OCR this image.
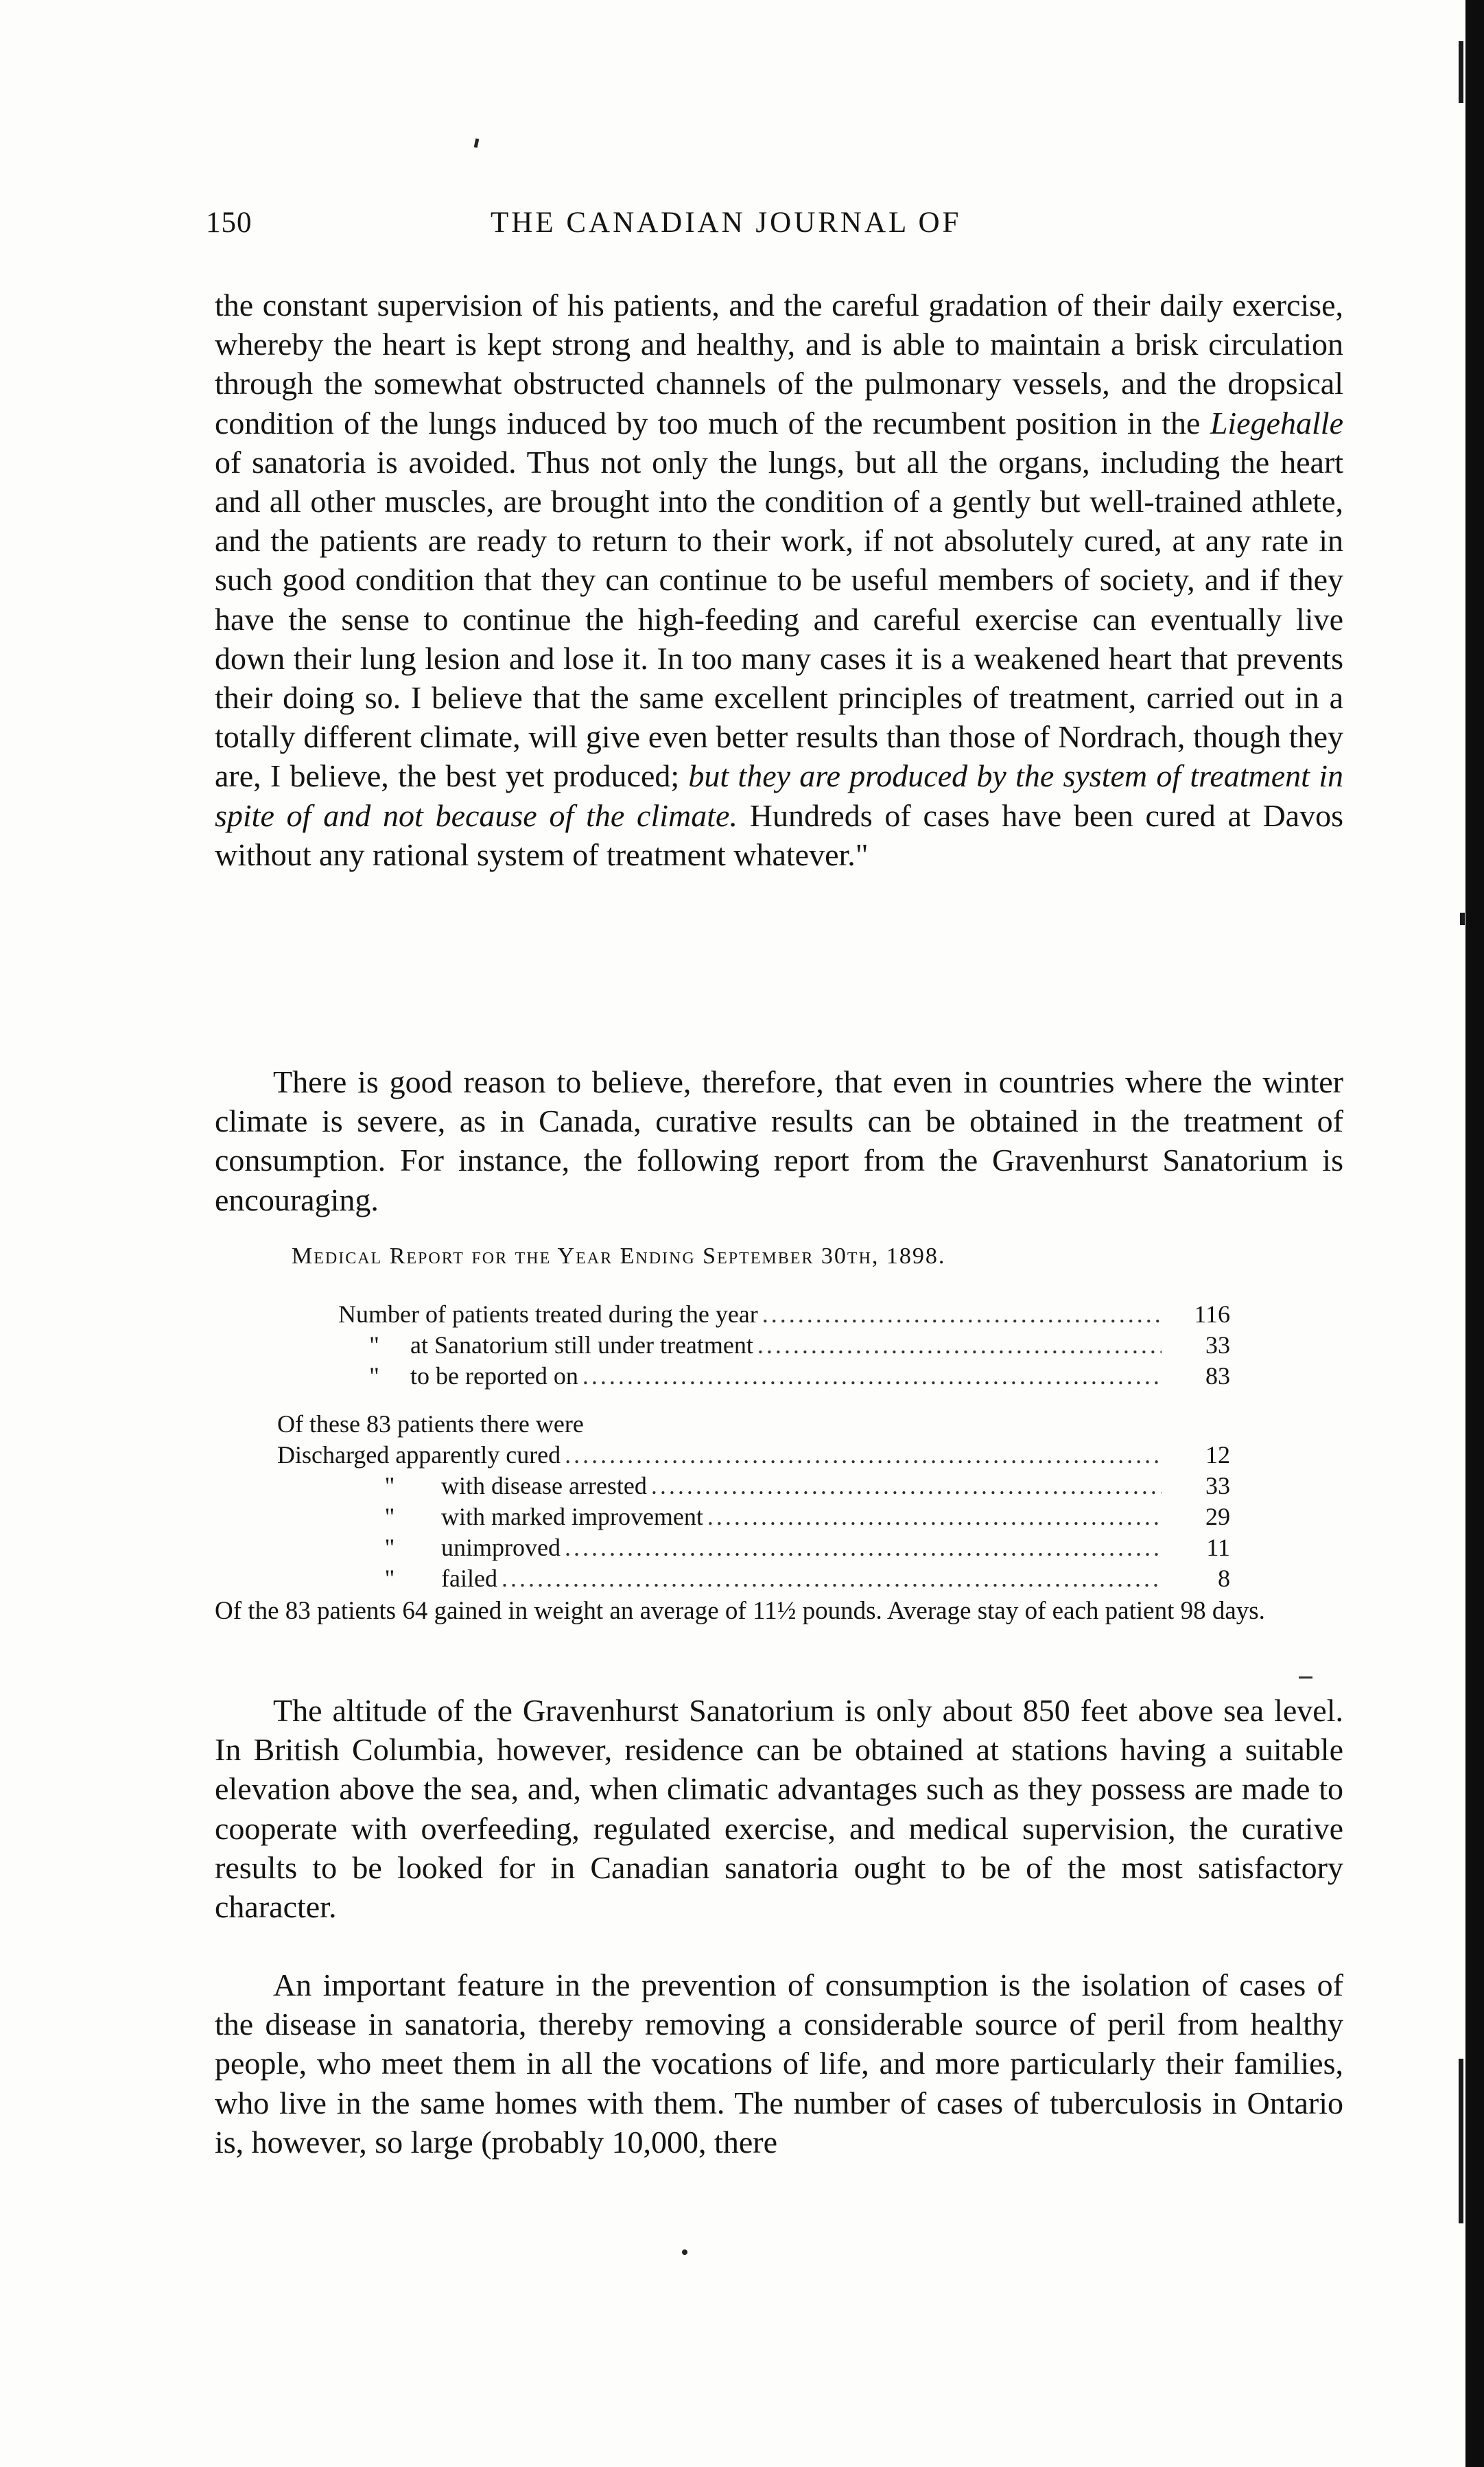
150	THE CANADIAN JOURNAL OF

the constant supervision of his patients, and the careful gradation of their daily exercise, whereby the heart is kept strong and healthy, and is able to maintain a brisk circulation through the somewhat obstructed channels of the pulmonary vessels, and the dropsical condition of the lungs induced by too much of the recumbent position in the Liegehalle of sanatoria is avoided. Thus not only the lungs, but all the organs, including the heart and all other muscles, are brought into the condition of a gently but well-trained athlete, and the patients are ready to return to their work, if not absolutely cured, at any rate in such good condition that they can continue to be useful members of society, and if they have the sense to continue the high-feeding and careful exercise can eventually live down their lung lesion and lose it. In too many cases it is a weakened heart that prevents their doing so. I believe that the same excellent principles of treatment, carried out in a totally different climate, will give even better results than those of Nordrach, though they are, I believe, the best yet produced; but they are produced by the system of treatment in spite of and not because of the climate. Hundreds of cases have been cured at Davos without any rational system of treatment whatever."

There is good reason to believe, therefore, that even in countries where the winter climate is severe, as in Canada, curative results can be obtained in the treatment of consumption. For instance, the following report from the Gravenhurst Sanatorium is encouraging.

Medical Report for the Year Ending September 30th, 1898.
Number of patients treated during the year .....	116
"	at Sanatorium still under treatment .....	33
"	to be reported on .....	83
Of these 83 patients there were
Discharged apparently cured .....	12
"	with disease arrested .....	33
"	with marked improvement .....	29
"	unimproved .....	11
"	failed .....	8
Of the 83 patients 64 gained in weight an average of 11½ pounds. Average stay of each patient 98 days.

The altitude of the Gravenhurst Sanatorium is only about 850 feet above sea level. In British Columbia, however, residence can be obtained at stations having a suitable elevation above the sea, and, when climatic advantages such as they possess are made to cooperate with overfeeding, regulated exercise, and medical supervision, the curative results to be looked for in Canadian sanatoria ought to be of the most satisfactory character.

An important feature in the prevention of consumption is the isolation of cases of the disease in sanatoria, thereby removing a considerable source of peril from healthy people, who meet them in all the vocations of life, and more particularly their families, who live in the same homes with them. The number of cases of tuberculosis in Ontario is, however, so large (probably 10,000, there
